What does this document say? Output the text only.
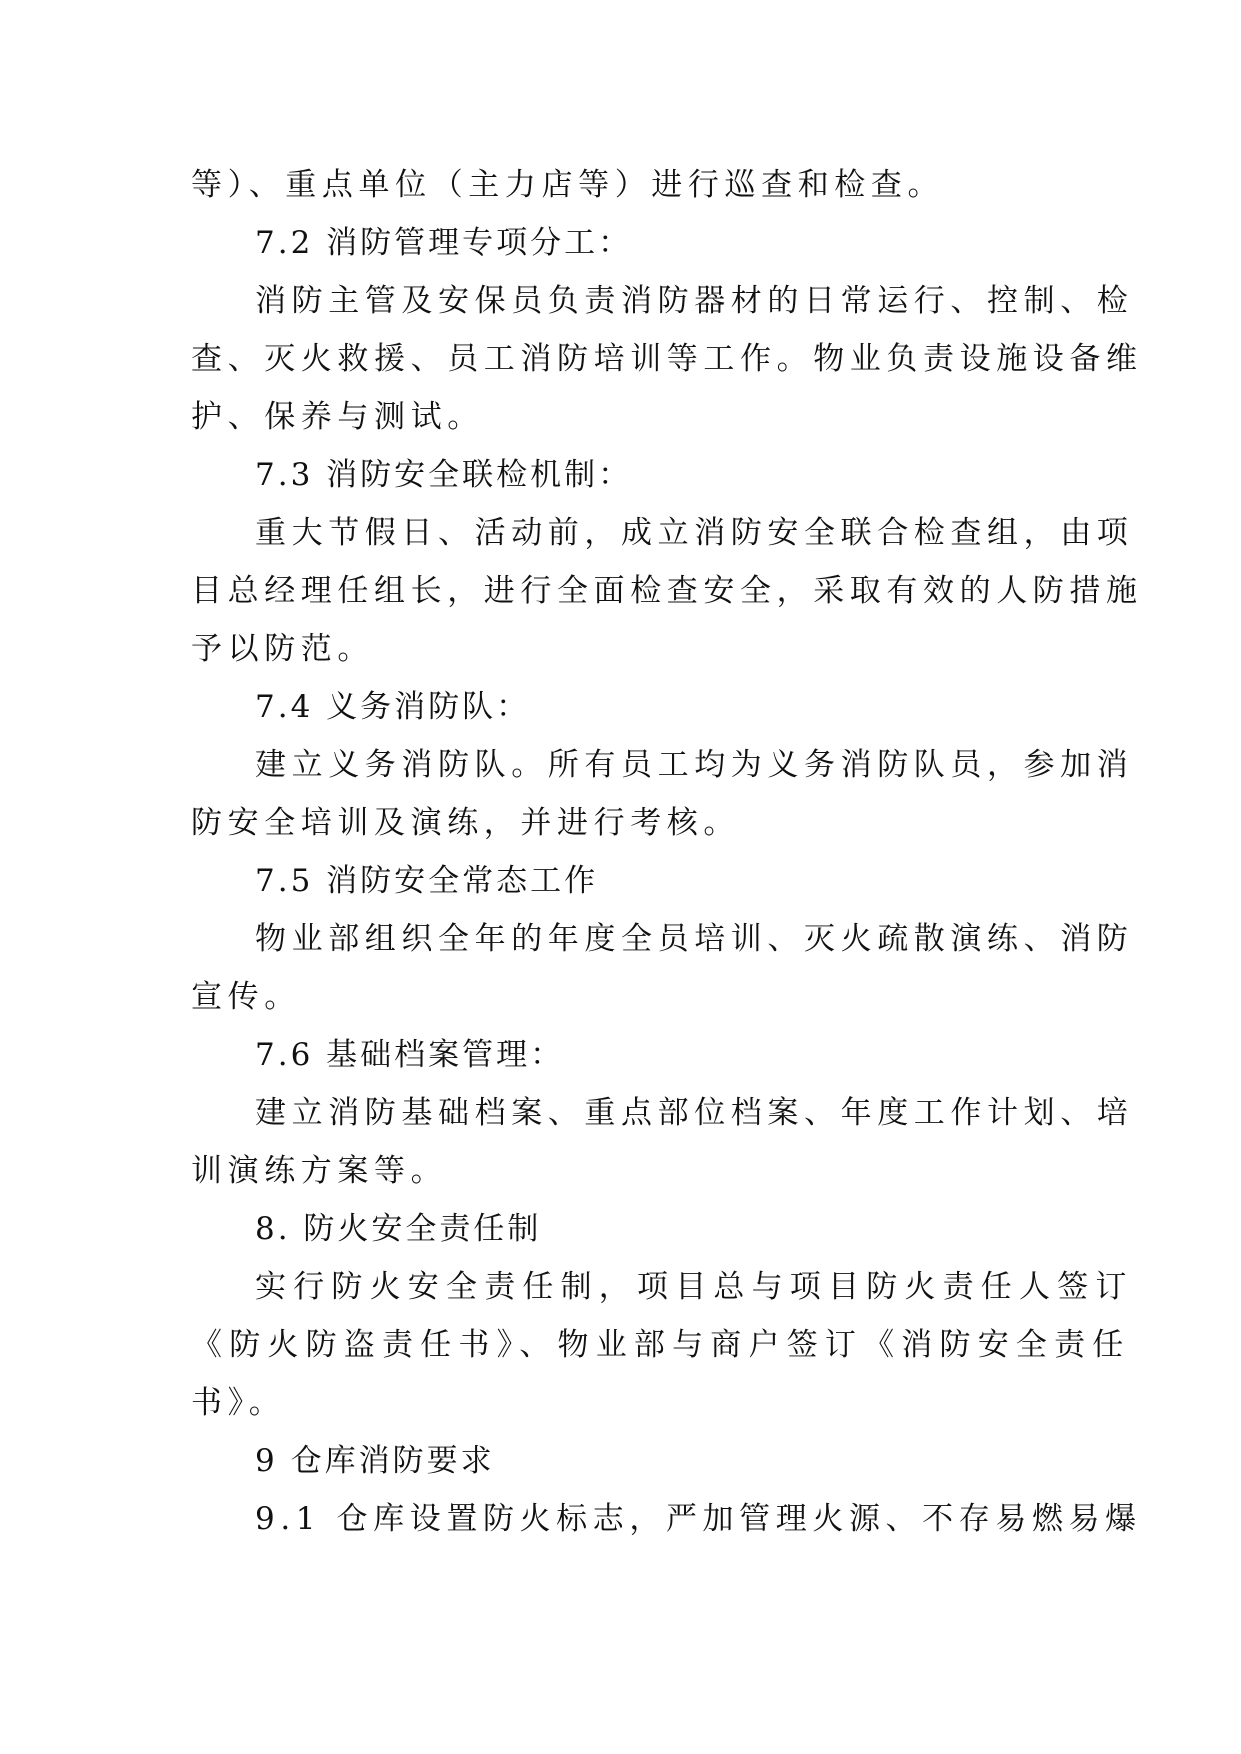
等）、重点单位（主力店等）进行巡查和检查。
7.2 消防管理专项分工：
消防主管及安保员负责消防器材的日常运行、控制、检
查、灭火救援、员工消防培训等工作。物业负责设施设备维
护、保养与测试。
7.3 消防安全联检机制：
重大节假日、活动前，成立消防安全联合检查组，由项
目总经理任组长，进行全面检查安全，采取有效的人防措施
予以防范。
7.4 义务消防队：
建立义务消防队。所有员工均为义务消防队员，参加消
防安全培训及演练，并进行考核。
7.5 消防安全常态工作
物业部组织全年的年度全员培训、灭火疏散演练、消防
宣传。
7.6 基础档案管理：
建立消防基础档案、重点部位档案、年度工作计划、培
训演练方案等。
8. 防火安全责任制
实行防火安全责任制，项目总与项目防火责任人签订
《防火防盗责任书》、物业部与商户签订《消防安全责任
书》。
9 仓库消防要求
9.1 仓库设置防火标志，严加管理火源、不存易燃易爆
